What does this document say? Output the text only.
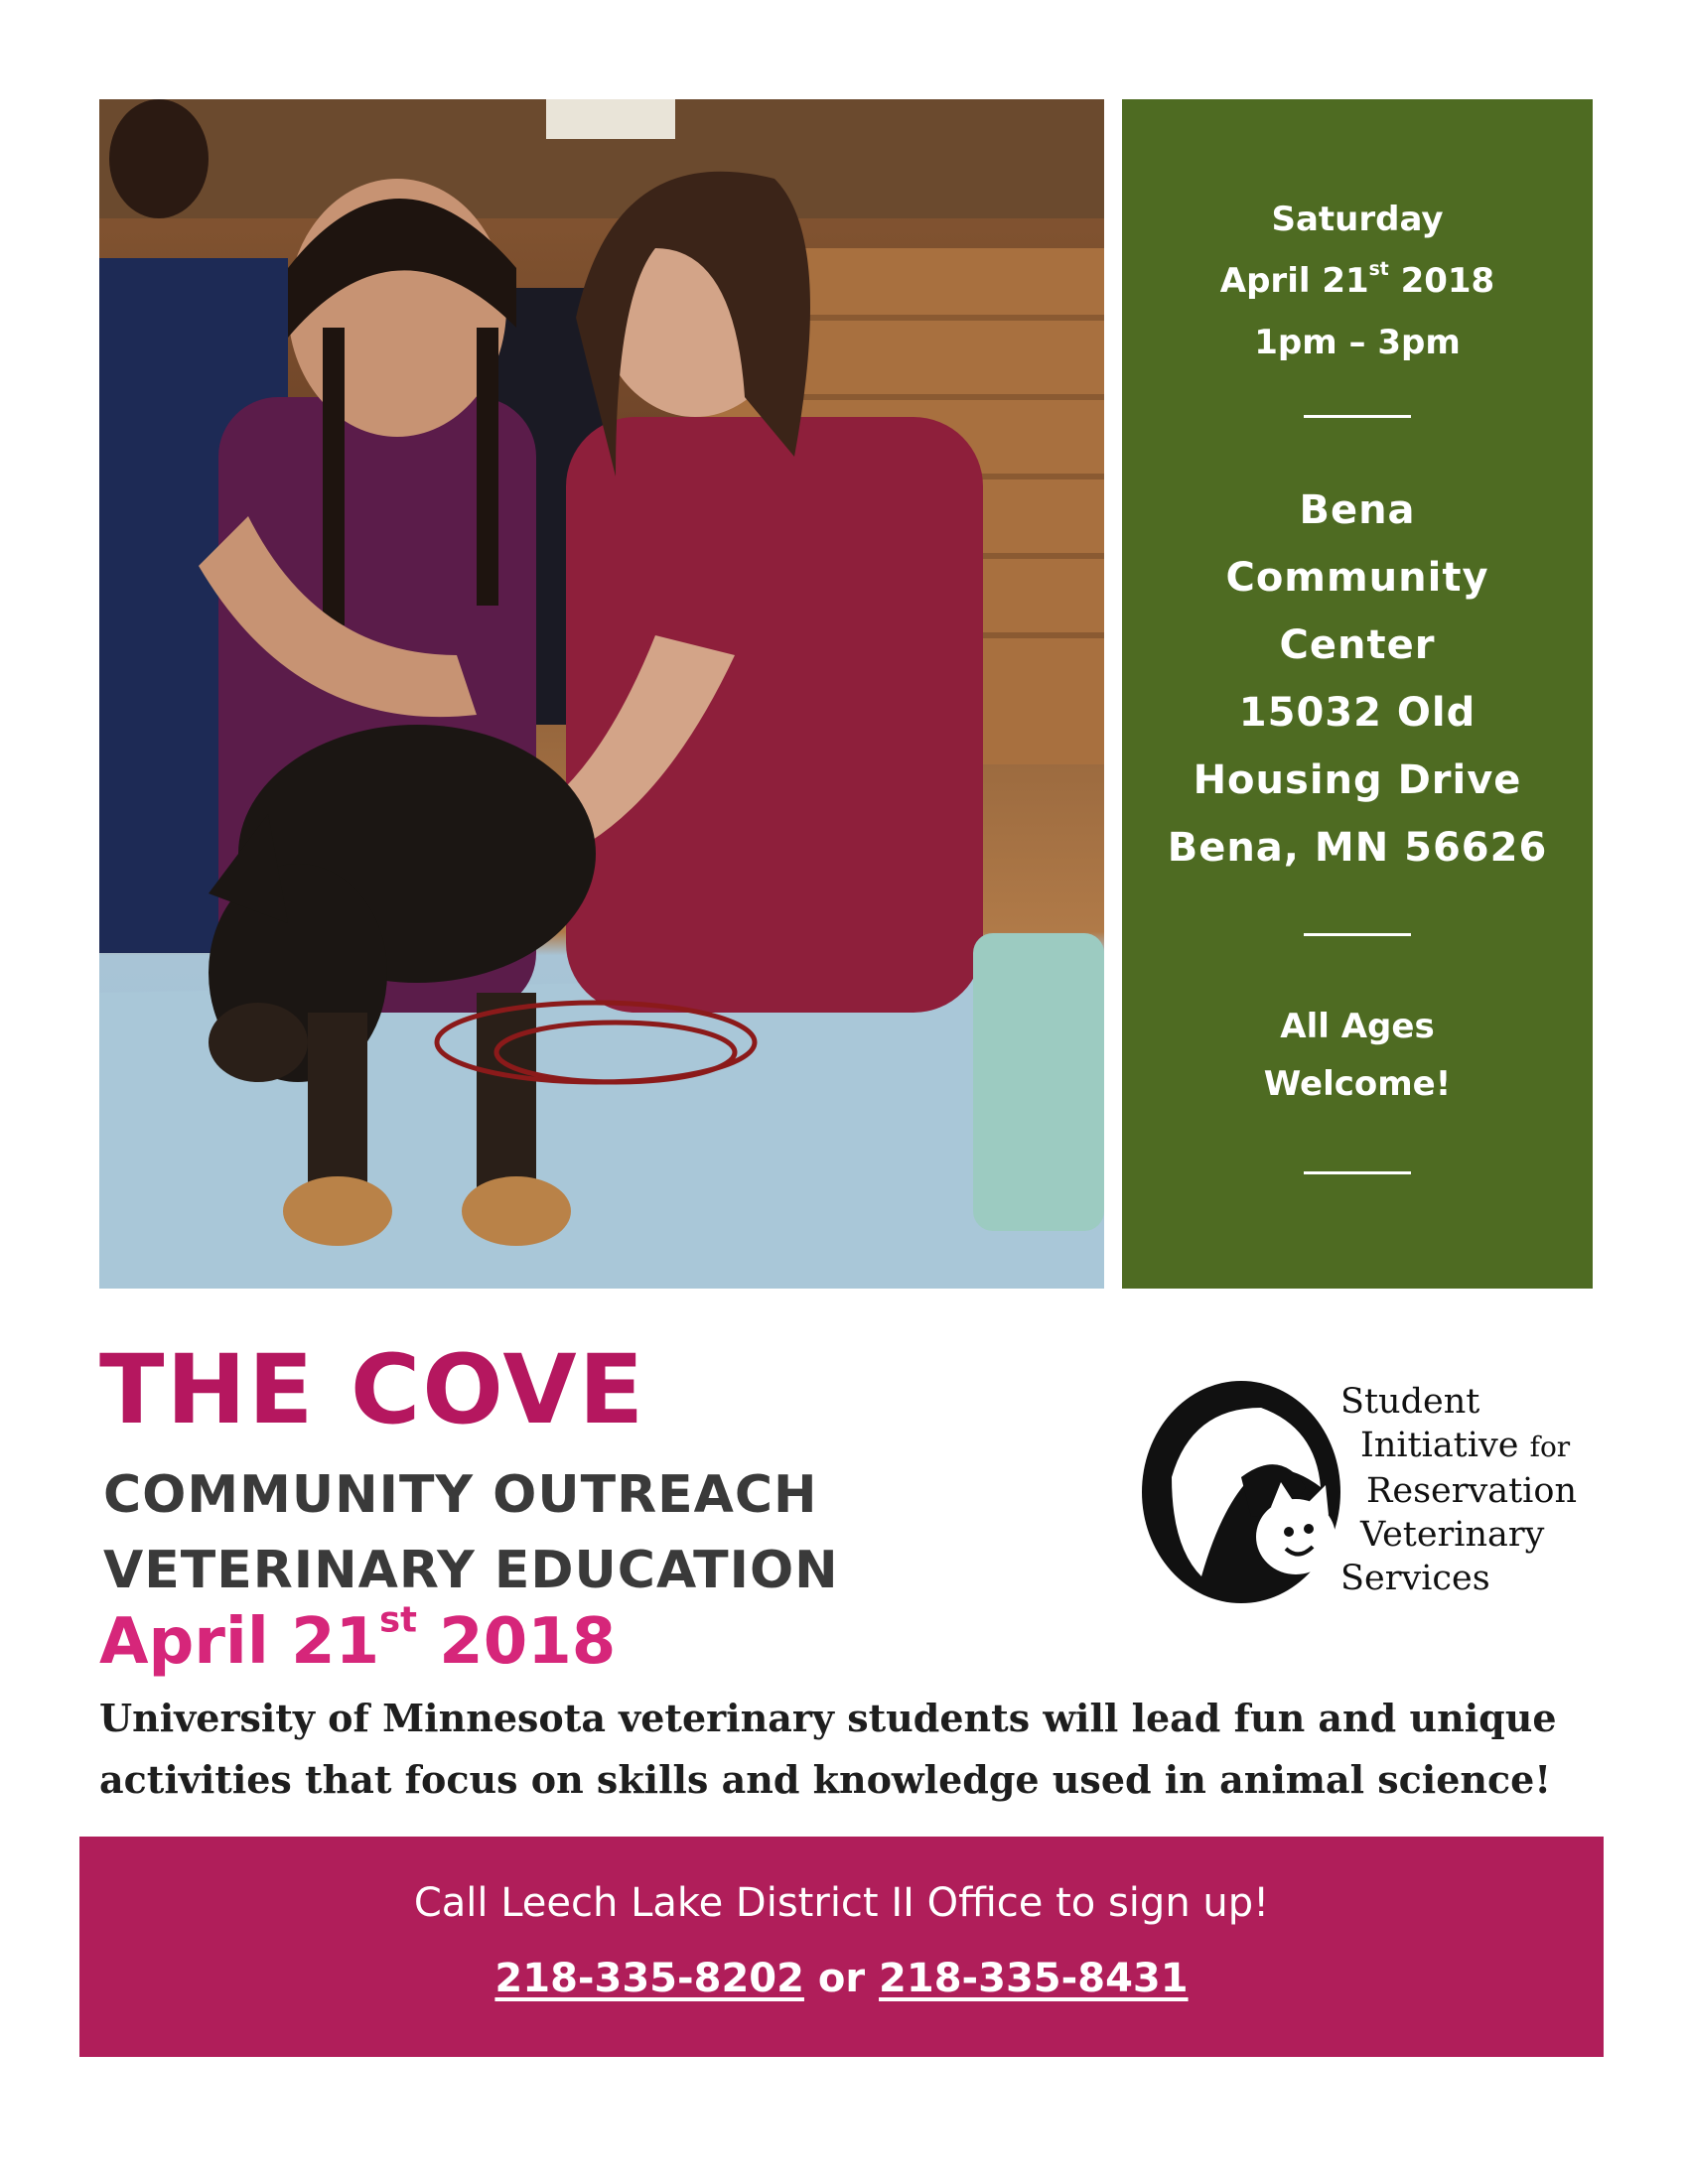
Saturday
April 21st 2018
1pm – 3pm
Bena
Community
Center
15032 Old
Housing Drive
Bena, MN 56626
All Ages
Welcome!
THE COVE
COMMUNITY OUTREACH
VETERINARY EDUCATION
April 21st 2018
Student
Initiative for
Reservation
Veterinary
Services
University of Minnesota veterinary students will lead fun and unique
activities that focus on skills and knowledge used in animal science!
Call Leech Lake District II Office to sign up!
218-335-8202 or 218-335-8431
